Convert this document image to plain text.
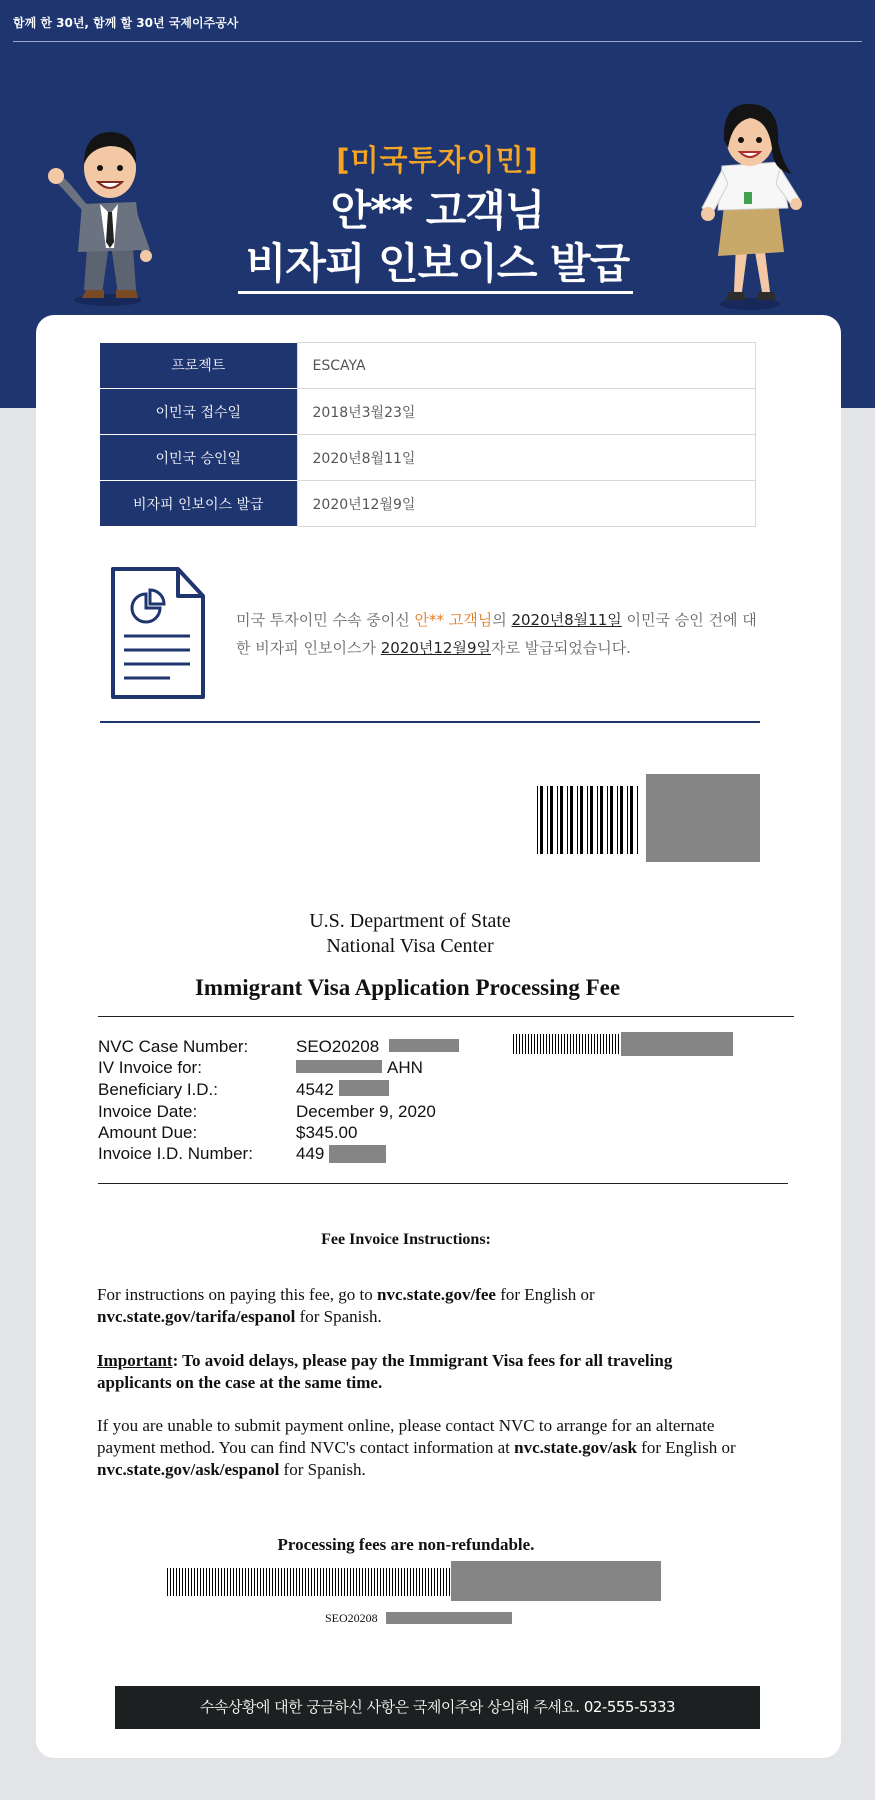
함께 한 30년, 함께 할 30년 국제이주공사
[미국투자이민]
안** 고객님
비자피 인보이스 발급
프로젝트	ESCAYA
이민국 접수일	2018년3월23일
이민국 승인일	2020년8월11일
비자피 인보이스 발급	2020년12월9일
미국 투자이민 수속 중이신 안** 고객님의 2020년8월11일 이민국 승인 건에 대한 비자피 인보이스가 2020년12월9일자로 발급되었습니다.
U.S. Department of State
National Visa Center
Immigrant Visa Application Processing Fee
NVC Case Number:	SEO20208
IV Invoice for:	AHN
Beneficiary I.D.:	4542
Invoice Date:	December 9, 2020
Amount Due:	$345.00
Invoice I.D. Number:	449
Fee Invoice Instructions:
For instructions on paying this fee, go to nvc.state.gov/fee for English or nvc.state.gov/tarifa/espanol for Spanish.
Important: To avoid delays, please pay the Immigrant Visa fees for all traveling applicants on the case at the same time.
If you are unable to submit payment online, please contact NVC to arrange for an alternate payment method. You can find NVC's contact information at nvc.state.gov/ask for English or nvc.state.gov/ask/espanol for Spanish.
Processing fees are non-refundable.
SEO20208
수속상황에 대한 궁금하신 사항은 국제이주와 상의해 주세요. 02-555-5333
